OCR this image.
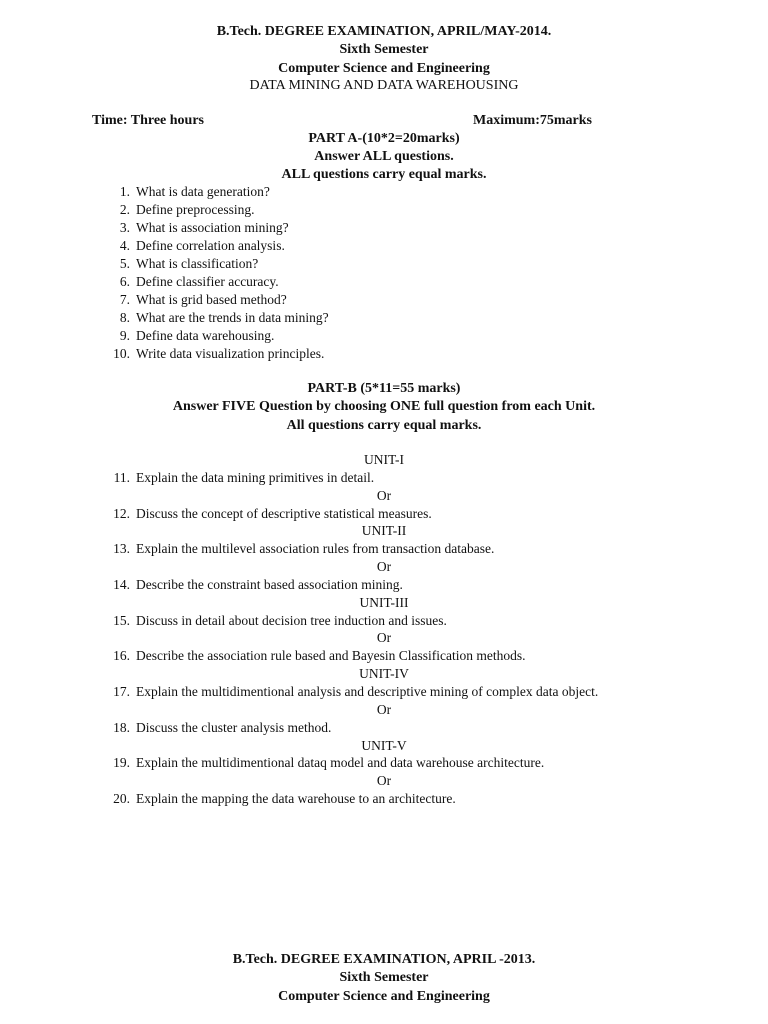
B.Tech. DEGREE EXAMINATION, APRIL/MAY-2014.
Sixth Semester
Computer Science and Engineering
DATA MINING AND DATA WAREHOUSING
Time: Three hours	Maximum:75marks
PART A-(10*2=20marks)
Answer ALL questions.
ALL questions carry equal marks.
1. What is data generation?
2. Define preprocessing.
3. What is association mining?
4. Define correlation analysis.
5. What is classification?
6. Define classifier accuracy.
7. What is grid based method?
8. What are the trends in data mining?
9. Define data warehousing.
10. Write data visualization principles.
PART-B (5*11=55 marks)
Answer FIVE Question by choosing ONE full question from each Unit.
All questions carry equal marks.
UNIT-I
11. Explain the data mining primitives in detail.
Or
12. Discuss the concept of descriptive statistical measures.
UNIT-II
13. Explain the multilevel association rules from transaction database.
Or
14. Describe the constraint based association mining.
UNIT-III
15. Discuss in detail about decision tree induction and issues.
Or
16. Describe the association rule based and Bayesin Classification methods.
UNIT-IV
17. Explain the multidimentional analysis and descriptive mining of complex data object.
Or
18. Discuss the cluster analysis method.
UNIT-V
19. Explain the multidimentional dataq model and data warehouse architecture.
Or
20. Explain the mapping the data warehouse to an architecture.
B.Tech. DEGREE EXAMINATION, APRIL -2013.
Sixth Semester
Computer Science and Engineering
